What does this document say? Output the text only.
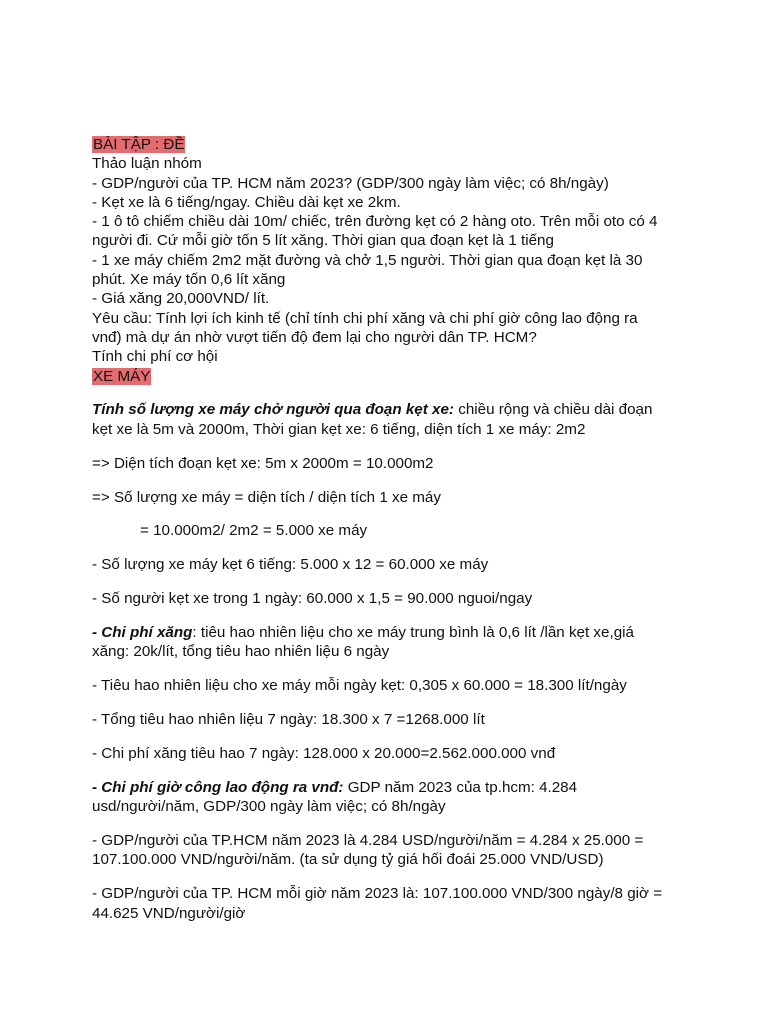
BÀI TẬP : ĐỀ

Thảo luận nhóm

- GDP/người của TP. HCM năm 2023? (GDP/300 ngày làm việc; có 8h/ngày)

- Kẹt xe là 6 tiếng/ngay. Chiều dài kẹt xe 2km.

- 1 ô tô chiếm chiều dài 10m/ chiếc, trên đường kẹt có 2 hàng oto. Trên mỗi oto có 4

người đi. Cứ mỗi giờ tốn 5 lít xăng. Thời gian qua đoạn kẹt là 1 tiếng

- 1 xe máy chiếm 2m2 mặt đường và chở 1,5 người. Thời gian qua đoạn kẹt là 30

phút. Xe máy tốn 0,6 lít xăng

- Giá xăng 20,000VND/ lít.

Yêu cầu: Tính lợi ích kinh tế (chỉ tính chi phí xăng và chi phí giờ công lao động ra

vnđ) mà dự án nhờ vượt tiến độ đem lại cho người dân TP. HCM?

Tính chi phí cơ hội

XE MÁY

Tính số lượng xe máy chở người qua đoạn kẹt xe: chiều rộng và chiều dài đoạn

kẹt xe là 5m và 2000m, Thời gian kẹt xe: 6 tiếng, diện tích 1 xe máy: 2m2

=> Diện tích đoạn kẹt xe: 5m x 2000m = 10.000m2

=> Số lượng xe máy = diện tích / diện tích 1 xe máy

= 10.000m2/ 2m2 = 5.000 xe máy

- Số lượng xe máy kẹt 6 tiếng: 5.000 x 12 = 60.000 xe máy

- Số người kẹt xe trong 1 ngày: 60.000 x 1,5 = 90.000 nguoi/ngay

- Chi phí xăng: tiêu hao nhiên liệu cho xe máy trung bình là 0,6 lít /lần kẹt xe,giá

xăng: 20k/lít, tổng tiêu hao nhiên liệu 6 ngày

- Tiêu hao nhiên liệu cho xe máy mỗi ngày kẹt: 0,305 x 60.000 = 18.300 lít/ngày

- Tổng tiêu hao nhiên liệu 7 ngày: 18.300 x 7 =1268.000 lít

- Chi phí xăng tiêu hao 7 ngày: 128.000 x 20.000=2.562.000.000 vnđ

- Chi phí giờ công lao động ra vnđ: GDP năm 2023 của tp.hcm: 4.284

usd/người/năm, GDP/300 ngày làm việc; có 8h/ngày

- GDP/người của TP.HCM năm 2023 là 4.284 USD/người/năm = 4.284 x 25.000 =

107.100.000 VND/người/năm. (ta sử dụng tỷ giá hối đoái 25.000 VND/USD)

- GDP/người của TP. HCM mỗi giờ năm 2023 là: 107.100.000 VND/300 ngày/8 giờ =

44.625 VND/người/giờ
